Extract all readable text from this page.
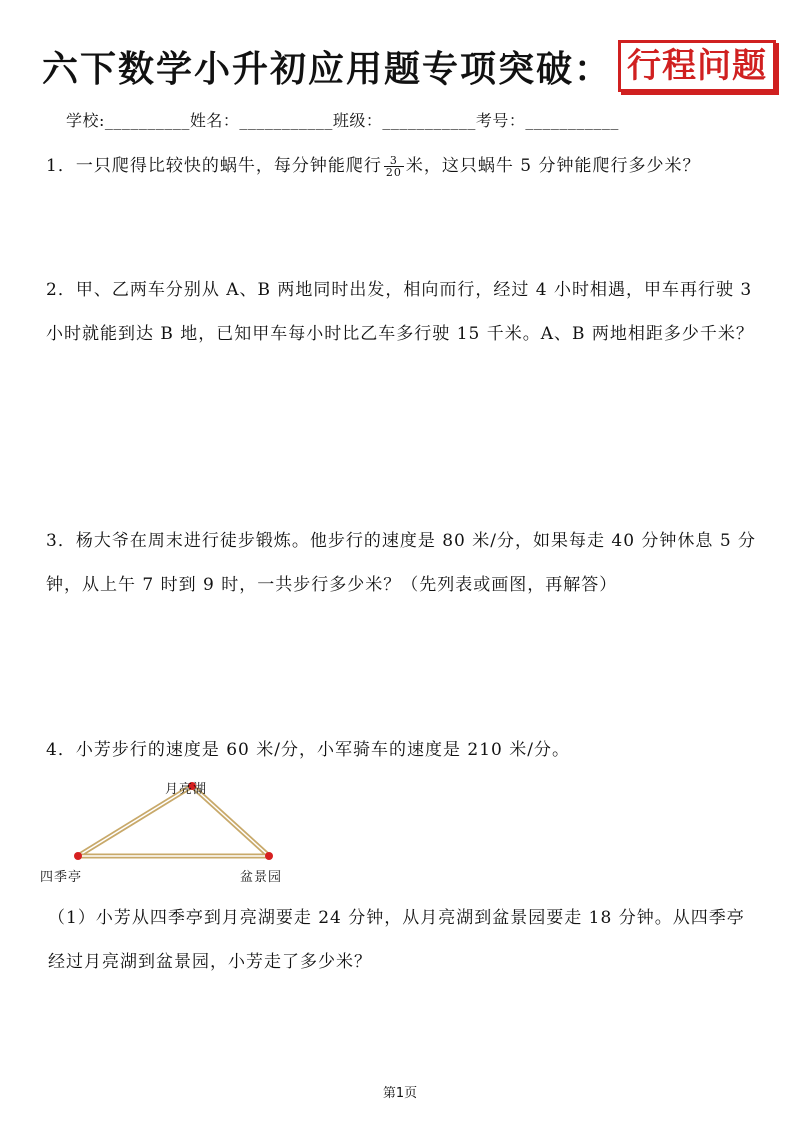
六下数学小升初应用题专项突破： 行程问题
学校:__________姓名：___________班级：___________考号：___________
1．一只爬得比较快的蜗牛，每分钟能爬行 $\frac{3}{20}$ 米，这只蜗牛 5 分钟能爬行多少米？
2．甲、乙两车分别从 A、B 两地同时出发，相向而行，经过 4 小时相遇，甲车再行驶 3 小时就能到达 B 地，已知甲车每小时比乙车多行驶 15 千米。A、B 两地相距多少千米？
3．杨大爷在周末进行徒步锻炼。他步行的速度是 80 米/分，如果每走 40 分钟休息 5 分钟，从上午 7 时到 9 时，一共步行多少米？（先列表或画图，再解答）
4．小芳步行的速度是 60 米/分，小军骑车的速度是 210 米/分。
月亮湖
四季亭	盆景园
（1）小芳从四季亭到月亮湖要走 24 分钟，从月亮湖到盆景园要走 18 分钟。从四季亭经过月亮湖到盆景园，小芳走了多少米？
第1页
